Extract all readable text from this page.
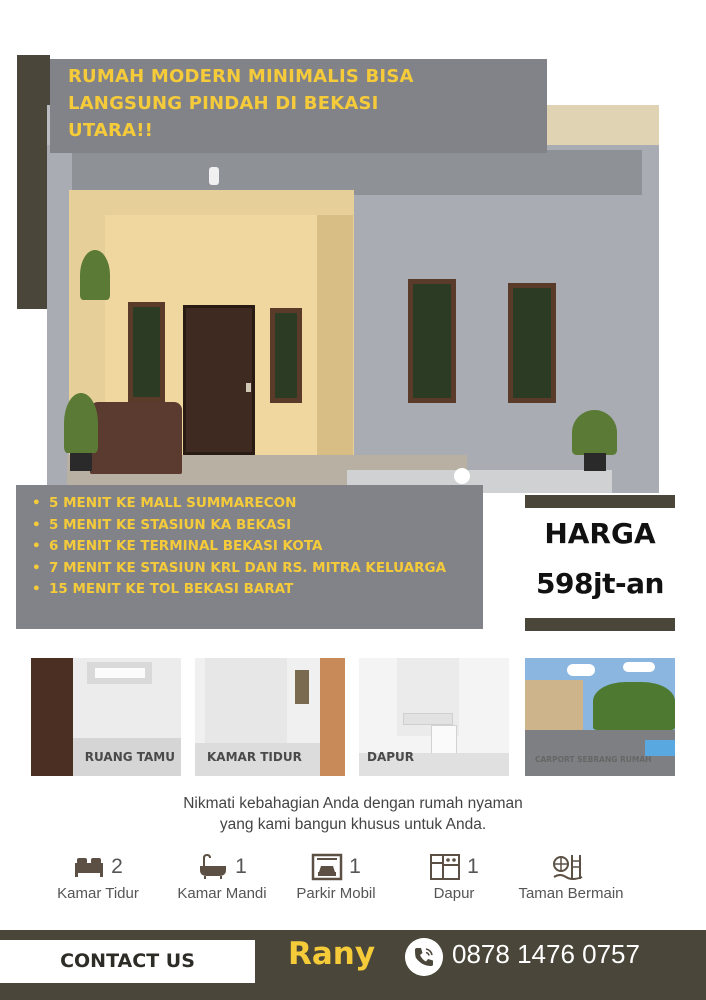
RUMAH MODERN MINIMALIS BISA
LANGSUNG PINDAH DI BEKASI
UTARA!!
• 5 MENIT KE MALL SUMMARECON
• 5 MENIT KE STASIUN KA BEKASI
• 6 MENIT KE TERMINAL BEKASI KOTA
• 7 MENIT KE STASIUN KRL DAN RS. MITRA KELUARGA
• 15 MENIT KE TOL BEKASI BARAT
HARGA
598jt-an
RUANG TAMU	KAMAR TIDUR	DAPUR	CARPORT SEBRANG RUMAH
Nikmati kebahagian Anda dengan rumah nyaman
yang kami bangun khusus untuk Anda.
2
Kamar Tidur
1
Kamar Mandi
1
Parkir Mobil
1
Dapur	Taman Bermain
CONTACT US	Rany	0878 1476 0757
